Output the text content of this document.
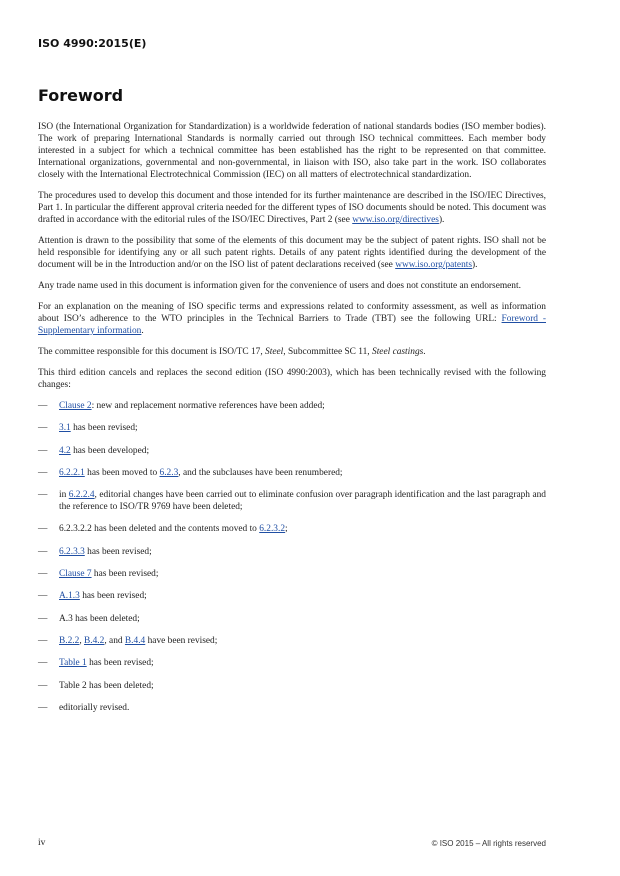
ISO 4990:2015(E)
Foreword

ISO (the International Organization for Standardization) is a worldwide federation of national standards bodies (ISO member bodies). The work of preparing International Standards is normally carried out through ISO technical committees. Each member body interested in a subject for which a technical committee has been established has the right to be represented on that committee. International organizations, governmental and non-governmental, in liaison with ISO, also take part in the work. ISO collaborates closely with the International Electrotechnical Commission (IEC) on all matters of electrotechnical standardization.

The procedures used to develop this document and those intended for its further maintenance are described in the ISO/IEC Directives, Part 1. In particular the different approval criteria needed for the different types of ISO documents should be noted. This document was drafted in accordance with the editorial rules of the ISO/IEC Directives, Part 2 (see www.iso.org/directives).

Attention is drawn to the possibility that some of the elements of this document may be the subject of patent rights. ISO shall not be held responsible for identifying any or all such patent rights. Details of any patent rights identified during the development of the document will be in the Introduction and/or on the ISO list of patent declarations received (see www.iso.org/patents).

Any trade name used in this document is information given for the convenience of users and does not constitute an endorsement.

For an explanation on the meaning of ISO specific terms and expressions related to conformity assessment, as well as information about ISO’s adherence to the WTO principles in the Technical Barriers to Trade (TBT) see the following URL: Foreword - Supplementary information.

The committee responsible for this document is ISO/TC 17, Steel, Subcommittee SC 11, Steel castings.

This third edition cancels and replaces the second edition (ISO 4990:2003), which has been technically revised with the following changes:

— Clause 2: new and replacement normative references have been added;
— 3.1 has been revised;
— 4.2 has been developed;
— 6.2.2.1 has been moved to 6.2.3, and the subclauses have been renumbered;
— in 6.2.2.4, editorial changes have been carried out to eliminate confusion over paragraph identification and the last paragraph and the reference to ISO/TR 9769 have been deleted;
— 6.2.3.2.2 has been deleted and the contents moved to 6.2.3.2;
— 6.2.3.3 has been revised;
— Clause 7 has been revised;
— A.1.3 has been revised;
— A.3 has been deleted;
— B.2.2, B.4.2, and B.4.4 have been revised;
— Table 1 has been revised;
— Table 2 has been deleted;
— editorially revised.
iv	© ISO 2015 – All rights reserved
